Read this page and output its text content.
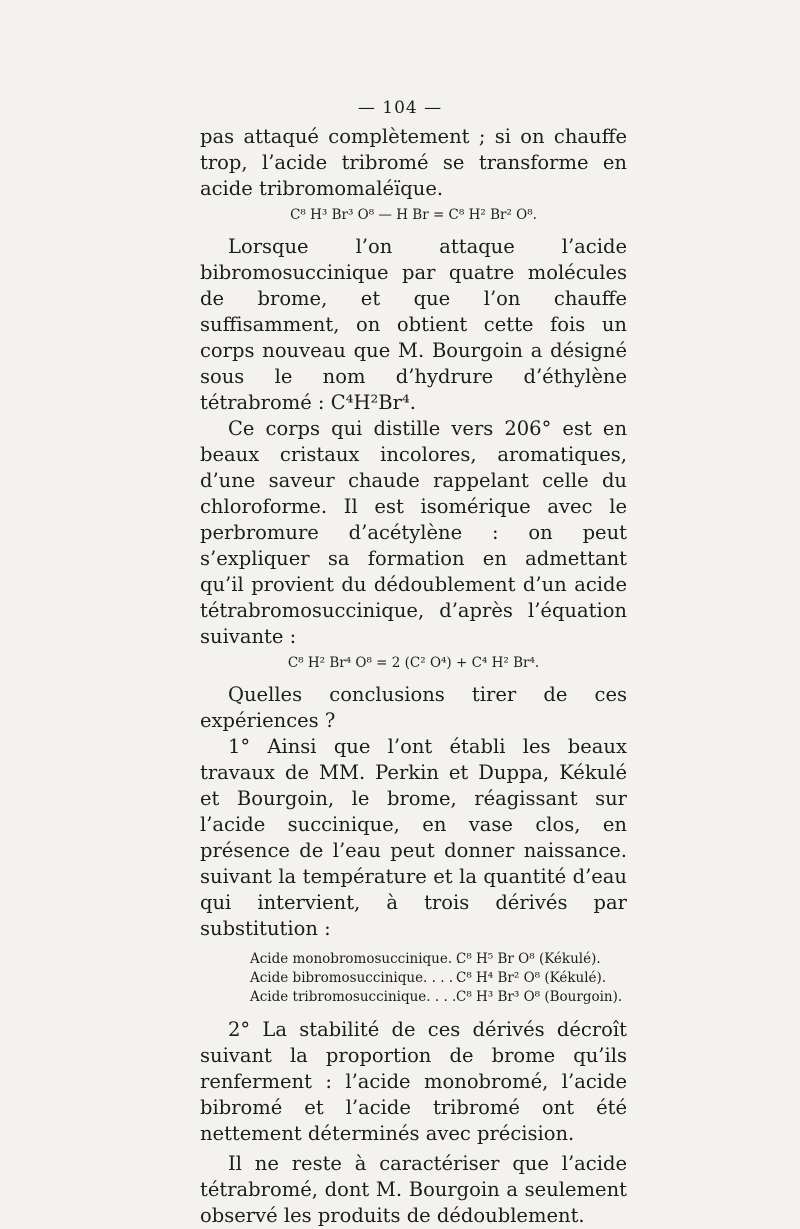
— 104 —

pas attaqué complètement ; si on chauffe trop, l’acide tribromé se transforme en acide tribromomaléïque.

C⁸ H³ Br³ O⁸ — H Br = C⁸ H² Br² O⁸.

Lorsque l’on attaque l’acide bibromosuccinique par quatre molécules de brome, et que l’on chauffe suffisamment, on obtient cette fois un corps nouveau que M. Bourgoin a désigné sous le nom d’hydrure d’éthylène tétrabromé : C⁴H²Br⁴.

Ce corps qui distille vers 206° est en beaux cristaux incolores, aromatiques, d’une saveur chaude rappelant celle du chloroforme. Il est isomérique avec le perbromure d’acétylène : on peut s’expliquer sa formation en admettant qu’il provient du dédoublement d’un acide tétrabromosuccinique, d’après l’équation suivante :

C⁸ H² Br⁴ O⁸ = 2 (C² O⁴) + C⁴ H² Br⁴.

Quelles conclusions tirer de ces expériences ?

1° Ainsi que l’ont établi les beaux travaux de MM. Perkin et Duppa, Kékulé et Bourgoin, le brome, réagissant sur l’acide succinique, en vase clos, en présence de l’eau peut donner naissance. suivant la température et la quantité d’eau qui intervient, à trois dérivés par substitution :

Acide monobromosuccinique. .
C⁸ H⁵ Br O⁸ (Kékulé).
Acide bibromosuccinique. . . . .
C⁸ H⁴ Br² O⁸ (Kékulé).
Acide tribromosuccinique. . . . C⁸ H³ Br³ O⁸ (Bourgoin).

2° La stabilité de ces dérivés décroît suivant la proportion de brome qu’ils renferment : l’acide monobromé, l’acide bibromé et l’acide tribromé ont été nettement déterminés avec précision.

Il ne reste à caractériser que l’acide tétrabromé, dont M. Bourgoin a seulement observé les produits de dédoublement.
